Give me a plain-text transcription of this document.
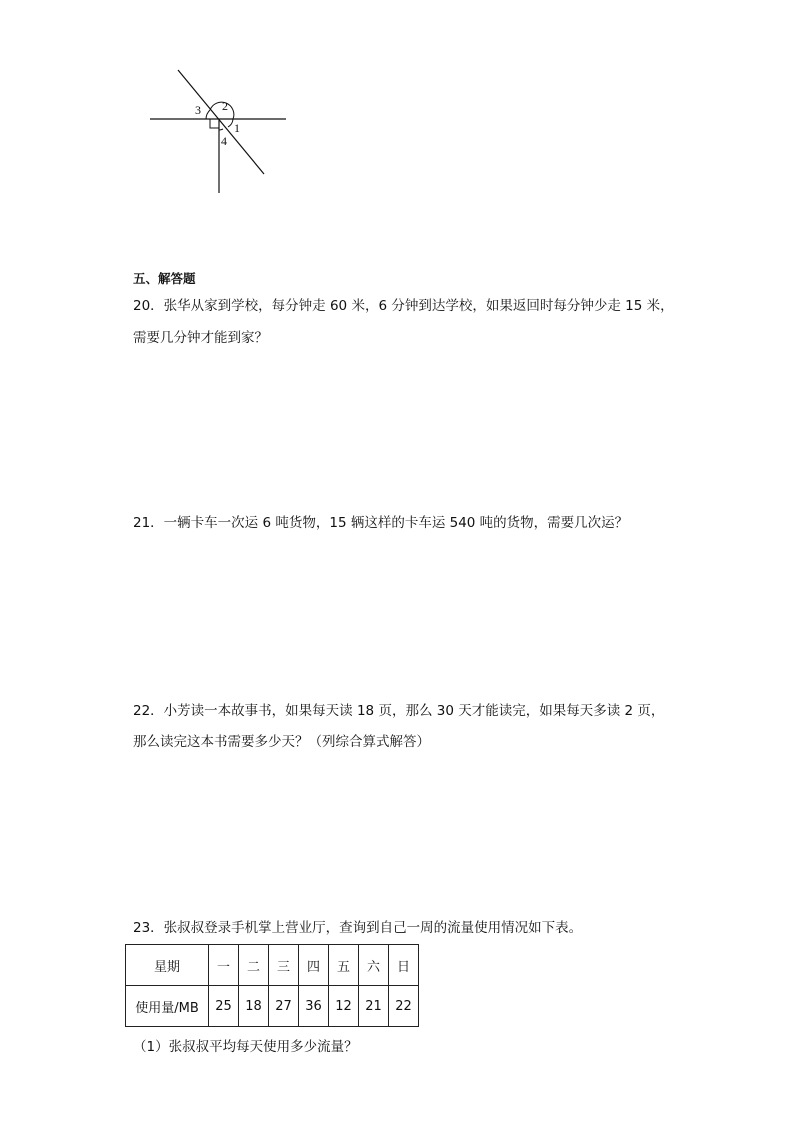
1
2
3
4
五、解答题
20．张华从家到学校，每分钟走 60 米，6 分钟到达学校，如果返回时每分钟少走 15 米，
需要几分钟才能到家？
21．一辆卡车一次运 6 吨货物，15 辆这样的卡车运 540 吨的货物，需要几次运？
22．小芳读一本故事书，如果每天读 18 页，那么 30 天才能读完，如果每天多读 2 页，
那么读完这本书需要多少天？（列综合算式解答）
23．张叔叔登录手机掌上营业厅，查询到自己一周的流量使用情况如下表。
星期	一	二	三	四	五	六	日
使用量/MB	25	18	27	36	12	21	22
（1）张叔叔平均每天使用多少流量？
